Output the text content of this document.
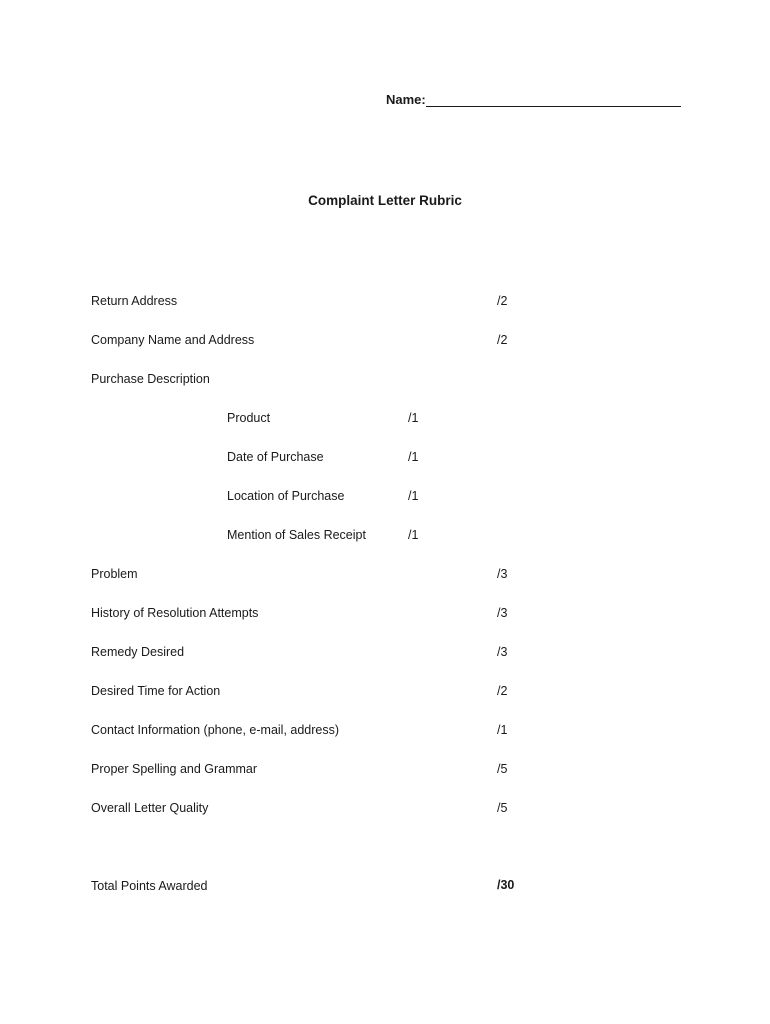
Name:
Complaint Letter Rubric
Return Address	/2
Company Name and Address	/2
Purchase Description
Product	/1
Date of Purchase	/1
Location of Purchase	/1
Mention of Sales Receipt	/1
Problem	/3
History of Resolution Attempts	/3
Remedy Desired	/3
Desired Time for Action	/2
Contact Information (phone, e-mail, address)	/1
Proper Spelling and Grammar	/5
Overall Letter Quality	/5
Total Points Awarded	/30
